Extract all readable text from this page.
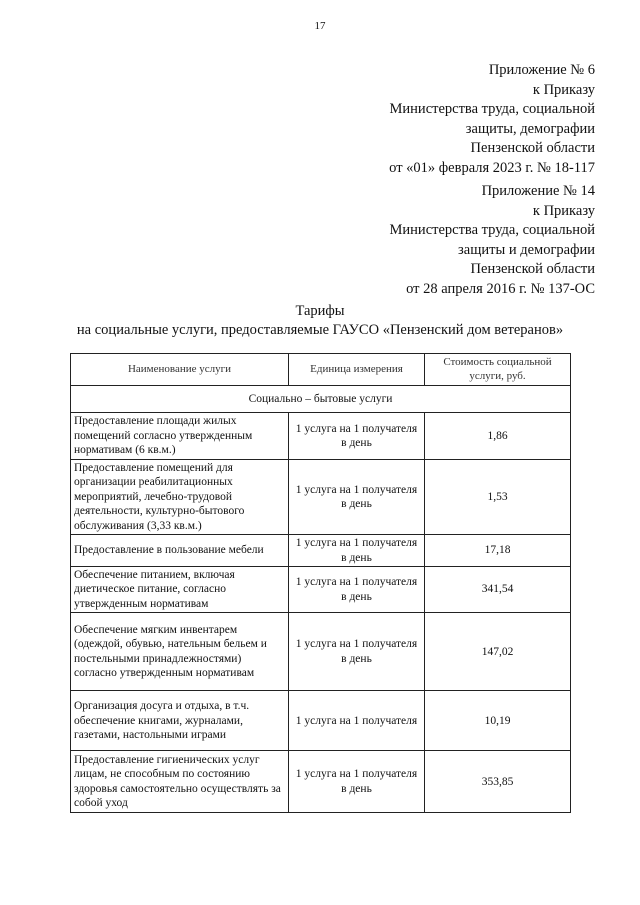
17
Приложение № 6
к Приказу
Министерства труда, социальной
защиты, демографии
Пензенской области
от «01» февраля 2023 г. № 18-117
Приложение № 14
к Приказу
Министерства труда, социальной
защиты и демографии
Пензенской области
от 28 апреля 2016 г. № 137-ОС
Тарифы
на социальные услуги, предоставляемые ГАУСО «Пензенский дом ветеранов»
Наименование услуги	Единица измерения	Стоимость социальной услуги, руб.
Социально – бытовые услуги		
Предоставление площади жилых помещений согласно утвержденным нормативам (6 кв.м.)	1 услуга на 1 получателя в день	1,86
Предоставление помещений для организации реабилитационных мероприятий, лечебно-трудовой деятельности, культурно-бытового обслуживания (3,33 кв.м.)	1 услуга на 1 получателя в день	1,53
Предоставление в пользование мебели	1 услуга на 1 получателя в день	17,18
Обеспечение питанием, включая диетическое питание, согласно утвержденным нормативам	1 услуга на 1 получателя в день	341,54
Обеспечение мягким инвентарем (одеждой, обувью, нательным бельем и постельными принадлежностями) согласно утвержденным нормативам	1 услуга на 1 получателя в день	147,02
Организация досуга и отдыха, в т.ч. обеспечение книгами, журналами, газетами, настольными играми	1 услуга на 1 получателя	10,19
Предоставление гигиенических услуг лицам, не способным по состоянию здоровья самостоятельно осуществлять за собой уход	1 услуга на 1 получателя в день	353,85
